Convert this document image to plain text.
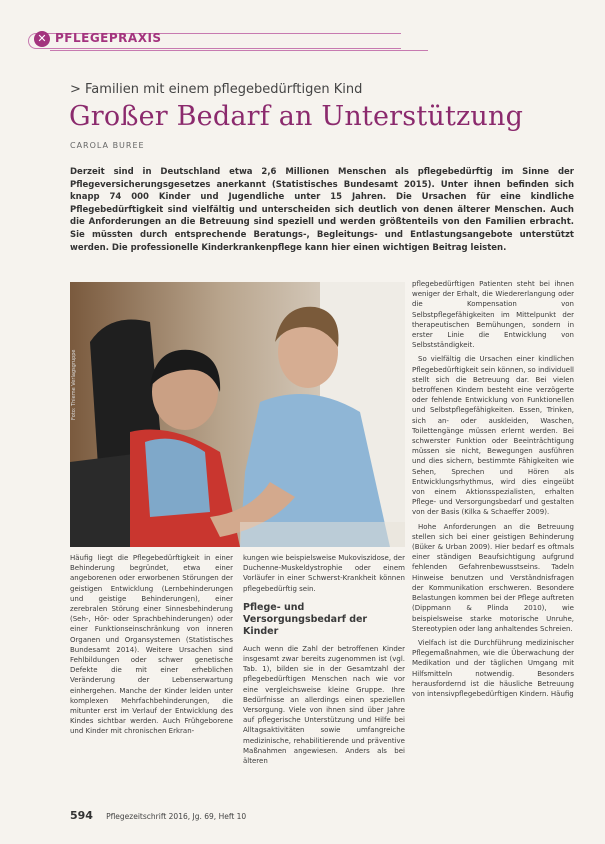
✕ PFLEGEPRAXIS
> Familien mit einem pflegebedürftigen Kind
Großer Bedarf an Unterstützung
CAROLA BUREE
Derzeit sind in Deutschland etwa 2,6 Millionen Menschen als pflegebedürftig im Sinne der Pflegeversicherungsgesetzes anerkannt (Statistisches Bundesamt 2015). Unter ihnen befinden sich knapp 74 000 Kinder und Jugendliche unter 15 Jahren. Die Ursachen für eine kindliche Pflegebedürftigkeit sind vielfältig und unterscheiden sich deutlich von denen älterer Menschen. Auch die Anforderungen an die Betreuung sind speziell und werden größtenteils von den Familien erbracht. Sie müssten durch entsprechende Beratungs-, Begleitungs- und Entlastungsangebote unterstützt werden. Die professionelle Kinderkrankenpflege kann hier einen wichtigen Beitrag leisten.
Foto: Thieme Verlagsgruppe

pflegebedürftigen Patienten steht bei ihnen weniger der Erhalt, die Wiedererlangung oder die Kompensation von Selbstpflegefähigkeiten im Mittelpunkt der therapeutischen Bemühungen, sondern in erster Linie die Entwicklung von Selbstständigkeit.

So vielfältig die Ursachen einer kindlichen Pflegebedürftigkeit sein können, so individuell stellt sich die Betreuung dar. Bei vielen betroffenen Kindern besteht eine verzögerte oder fehlende Entwicklung von Funktionellen und Selbstpflegefähigkeiten. Essen, Trinken, sich an- oder auskleiden, Waschen, Toilettengänge müssen erlernt werden. Bei schwerster Funktion oder Beeinträchtigung müssen sie nicht, Bewegungen ausführen und dies sichern, bestimmte Fähigkeiten wie Sehen, Sprechen und Hören als Entwicklungsrhythmus, wird dies eingeübt von einem Aktionsspezialisten, erhalten Pflege- und Versorgungsbedarf und gestalten von der Basis (Kilka & Schaeffer 2009).

Hohe Anforderungen an die Betreuung stellen sich bei einer geistigen Behinderung (Büker & Urban 2009). Hier bedarf es oftmals einer ständigen Beaufsichtigung aufgrund fehlenden Gefahrenbewusstseins. Tadeln Hinweise benutzen und Verständnisfragen der Kommunikation erschweren. Besondere Belastungen kommen bei der Pflege auftreten (Dippmann & Plinda 2010), wie beispielsweise starke motorische Unruhe, Stereotypien oder lang anhaltendes Schreien.

Vielfach ist die Durchführung medizinischer Pflegemaßnahmen, wie die Überwachung der Medikation und der täglichen Umgang mit Hilfsmitteln notwendig. Besonders herausfordernd ist die häusliche Betreuung von intensivpflegebedürftigen Kindern. Häufig

Häufig liegt die Pflegebedürftigkeit in einer Behinderung begründet, etwa einer angeborenen oder erworbenen Störungen der geistigen Entwicklung (Lernbehinderungen und geistige Behinderungen), einer zerebralen Störung einer Sinnesbehinderung (Seh-, Hör- oder Sprachbehinderungen) oder einer Funktionseinschränkung von inneren Organen und Organsystemen (Statistisches Bundesamt 2014). Weitere Ursachen sind Fehlbildungen oder schwer genetische Defekte die mit einer erheblichen Veränderung der Lebenserwartung einhergehen. Manche der Kinder leiden unter komplexen Mehrfachbehinderungen, die mitunter erst im Verlauf der Entwicklung des Kindes sichtbar werden. Auch Frühgeborene und Kinder mit chronischen Erkran-

kungen wie beispielsweise Mukoviszidose, der Duchenne-Muskeldystrophie oder einem Vorläufer in einer Schwerst-Krankheit können pflegebedürftig sein.

Pflege- und Versorgungsbedarf der Kinder

Auch wenn die Zahl der betroffenen Kinder insgesamt zwar bereits zugenommen ist (vgl. Tab. 1), bilden sie in der Gesamtzahl der pflegebedürftigen Menschen nach wie vor eine vergleichsweise kleine Gruppe. Ihre Bedürfnisse an allerdings einen speziellen Versorgung. Viele von ihnen sind über Jahre auf pflegerische Unterstützung und Hilfe bei Alltagsaktivitäten sowie umfangreiche medizinische, rehabilitierende und präventive Maßnahmen angewiesen. Anders als bei älteren

594 Pflegezeitschrift 2016, Jg. 69, Heft 10
